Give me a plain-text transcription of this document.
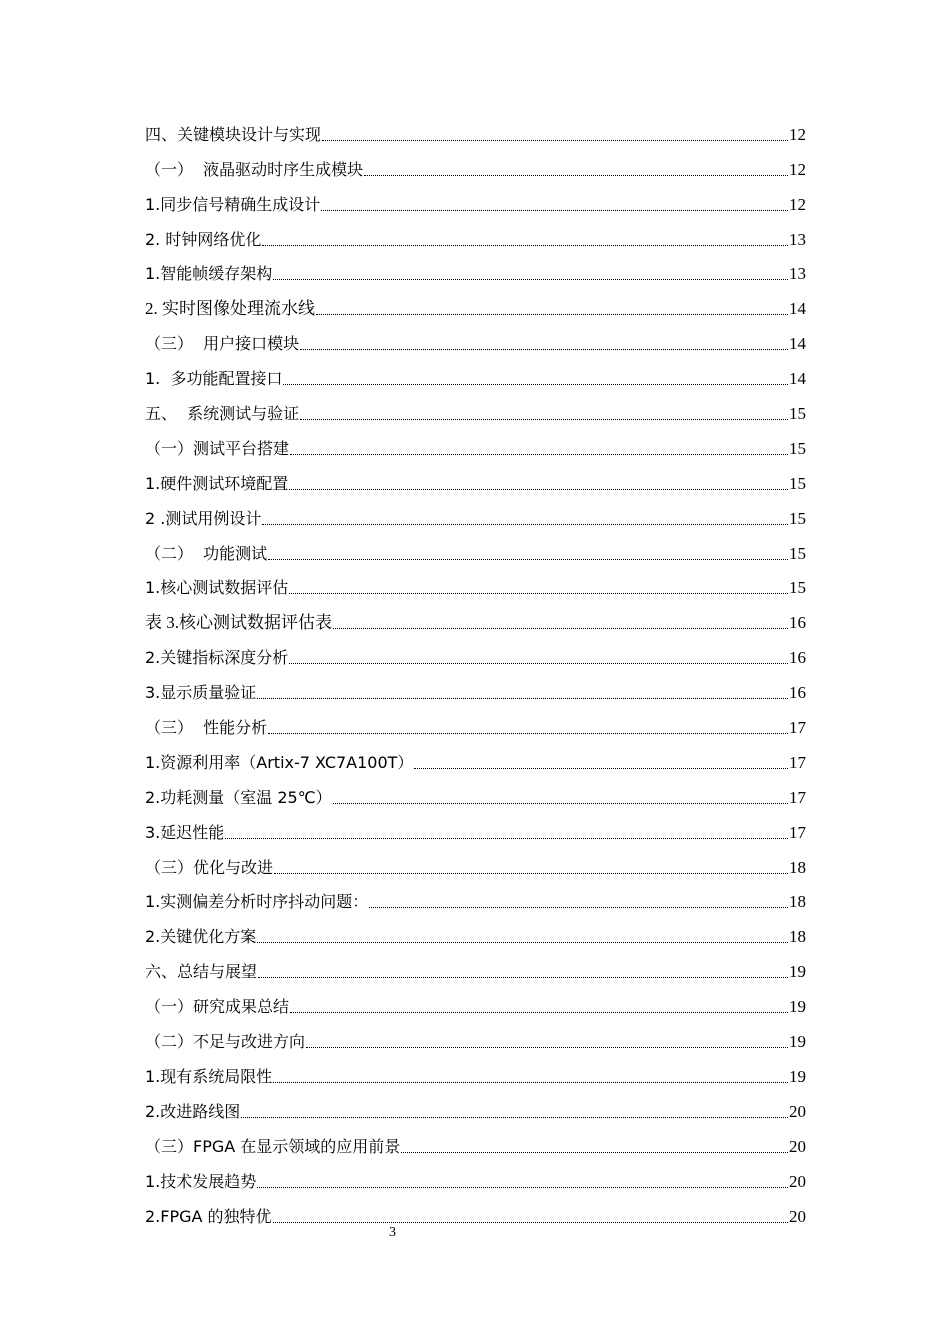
四、关键模块设计与实现	12
（一）  液晶驱动时序生成模块	12
1.同步信号精确生成设计	12
2. 时钟网络优化	13
1.智能帧缓存架构	13
2. 实时图像处理流水线	14
（三）  用户接口模块	14
1.  多功能配置接口	14
五、  系统测试与验证	15
（一）测试平台搭建	15
1.硬件测试环境配置	15
2 .测试用例设计	15
（二）  功能测试	15
1.核心测试数据评估	15
表 3.核心测试数据评估表	16
2.关键指标深度分析	16
3.显示质量验证	16
（三）  性能分析	17
1.资源利用率（Artix-7 XC7A100T）	17
2.功耗测量（室温 25℃）	17
3.延迟性能	17
（三）优化与改进	18
1.实测偏差分析时序抖动问题：	18
2.关键优化方案	18
六、总结与展望	19
（一）研究成果总结	19
（二）不足与改进方向	19
1.现有系统局限性	19
2.改进路线图	20
（三）FPGA 在显示领域的应用前景	20
1.技术发展趋势	20
2.FPGA 的独特优	20
3
